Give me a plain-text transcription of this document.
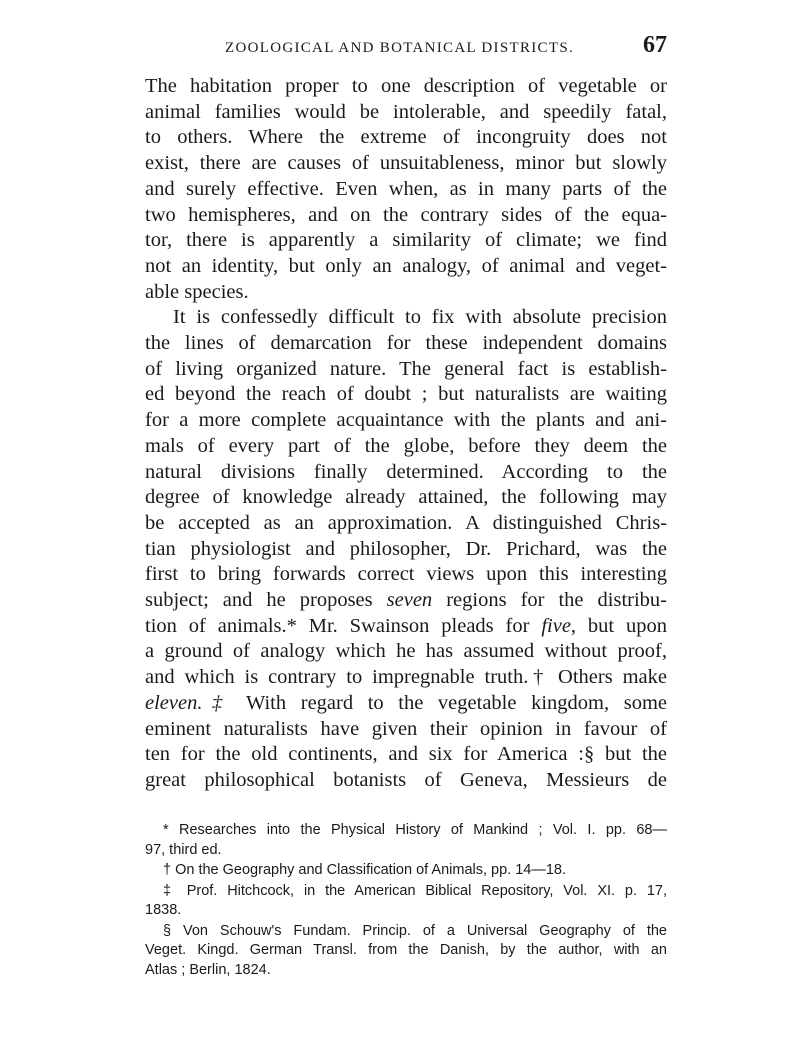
ZOOLOGICAL AND BOTANICAL DISTRICTS.	67

The habitation proper to one description of vegetable or
animal families would be intolerable, and speedily fatal,
to others. Where the extreme of incongruity does not
exist, there are causes of unsuitableness, minor but slowly
and surely effective. Even when, as in many parts of the
two hemispheres, and on the contrary sides of the equa-
tor, there is apparently a similarity of climate; we find
not an identity, but only an analogy, of animal and veget-
able species.

It is confessedly difficult to fix with absolute precision
the lines of demarcation for these independent domains
of living organized nature. The general fact is establish-
ed beyond the reach of doubt ; but naturalists are waiting
for a more complete acquaintance with the plants and ani-
mals of every part of the globe, before they deem the
natural divisions finally determined. According to the
degree of knowledge already attained, the following may
be accepted as an approximation. A distinguished Chris-
tian physiologist and philosopher, Dr. Prichard, was the
first to bring forwards correct views upon this interesting
subject; and he proposes seven regions for the distribu-
tion of animals.* Mr. Swainson pleads for five, but upon
a ground of analogy which he has assumed without proof,
and which is contrary to impregnable truth.† Others make
eleven.‡ With regard to the vegetable kingdom, some
eminent naturalists have given their opinion in favour of
ten for the old continents, and six for America :§ but the
great philosophical botanists of Geneva, Messieurs de

* Researches into the Physical History of Mankind ; Vol. I. pp. 68—
97, third ed.
† On the Geography and Classification of Animals, pp. 14—18.
‡ Prof. Hitchcock, in the American Biblical Repository, Vol. XI. p. 17,
1838.
§ Von Schouw's Fundam. Princip. of a Universal Geography of the
Veget. Kingd. German Transl. from the Danish, by the author, with an
Atlas ; Berlin, 1824.
